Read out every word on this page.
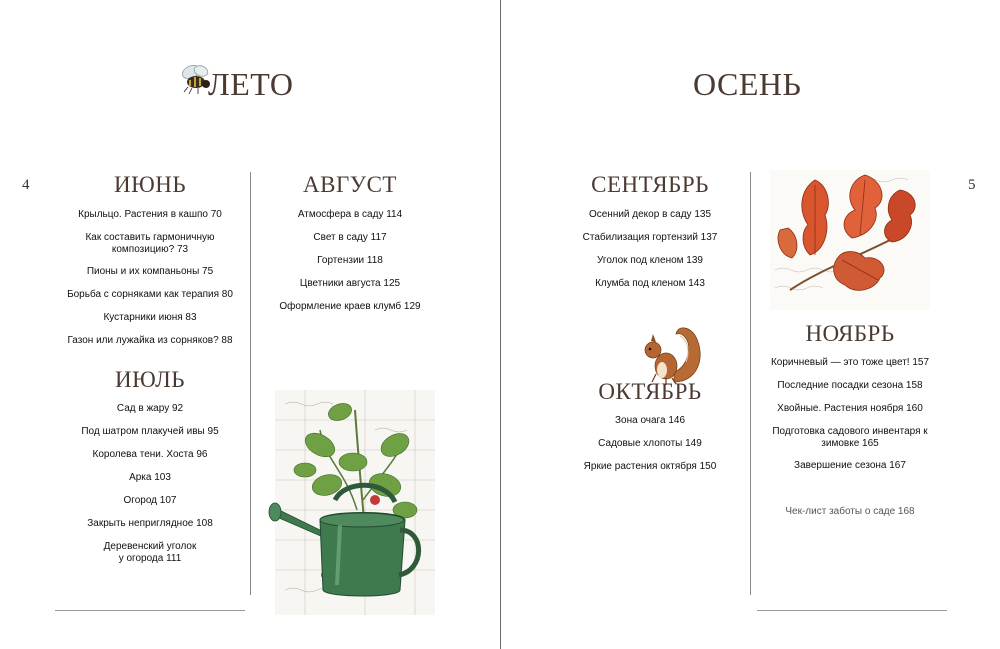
4	5
ЛЕТО	ОСЕНЬ
ИЮНЬ
Крыльцо. Растения в кашпо 70
Как составить гармоничную композицию? 73
Пионы и их компаньоны 75
Борьба с сорняками как терапия 80
Кустарники июня 83
Газон или лужайка из сорняков? 88
ИЮЛЬ
Сад в жару 92
Под шатром плакучей ивы 95
Королева тени. Хоста 96
Арка 103
Огород 107
Закрыть неприглядное 108
Деревенский уголок у огорода 111
АВГУСТ
Атмосфера в саду 114
Свет в саду 117
Гортензии 118
Цветники августа 125
Оформление краев клумб 129
СЕНТЯБРЬ
Осенний декор в саду 135
Стабилизация гортензий 137
Уголок под кленом 139
Клумба под кленом 143
ОКТЯБРЬ
Зона очага 146
Садовые хлопоты 149
Яркие растения октября 150
НОЯБРЬ
Коричневый — это тоже цвет! 157
Последние посадки сезона 158
Хвойные. Растения ноября 160
Подготовка садового инвентаря к зимовке 165
Завершение сезона 167
Чек-лист заботы о саде 168
